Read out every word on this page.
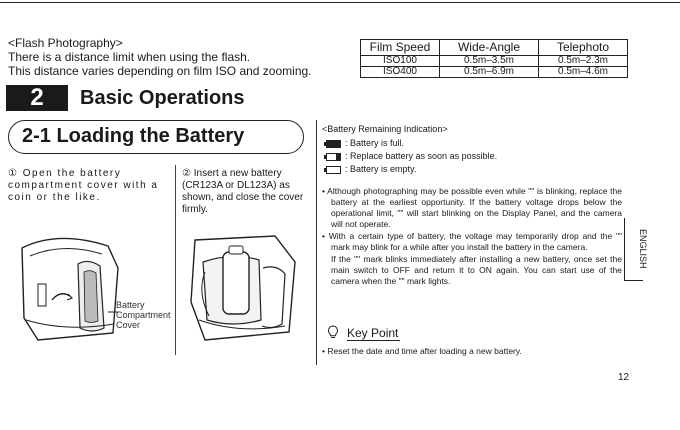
<Flash Photography>
There is a distance limit when using the flash.
This distance varies depending on film ISO and zooming.
Film Speed	Wide-Angle	Telephoto
ISO100	0.5m–3.5m	0.5m–2.3m
ISO400	0.5m–6.9m	0.5m–4.6m
2	Basic Operations
2-1 Loading the Battery
① Open the battery compartment cover with a coin or the like.
② Insert a new battery (CR123A or DL123A) as shown, and close the cover firmly.
Battery
Compartment
Cover
<Battery Remaining Indication>
: Battery is full.
: Replace battery as soon as possible.
: Battery is empty.
• Although photographing may be possible even while "" is blinking, replace the battery at the earliest opportunity. If the battery voltage drops below the operational limit, "" will start blinking on the Display Panel, and the camera will not operate.
• With a certain type of battery, the voltage may temporarily drop and the "" mark may blink for a while after you install the battery in the camera.
If the "" mark blinks immediately after installing a new battery, once set the main switch to OFF and return it to ON again. You can start use of the camera when the "" mark lights.
Key Point
• Reset the date and time after loading a new battery.
ENGLISH
12
